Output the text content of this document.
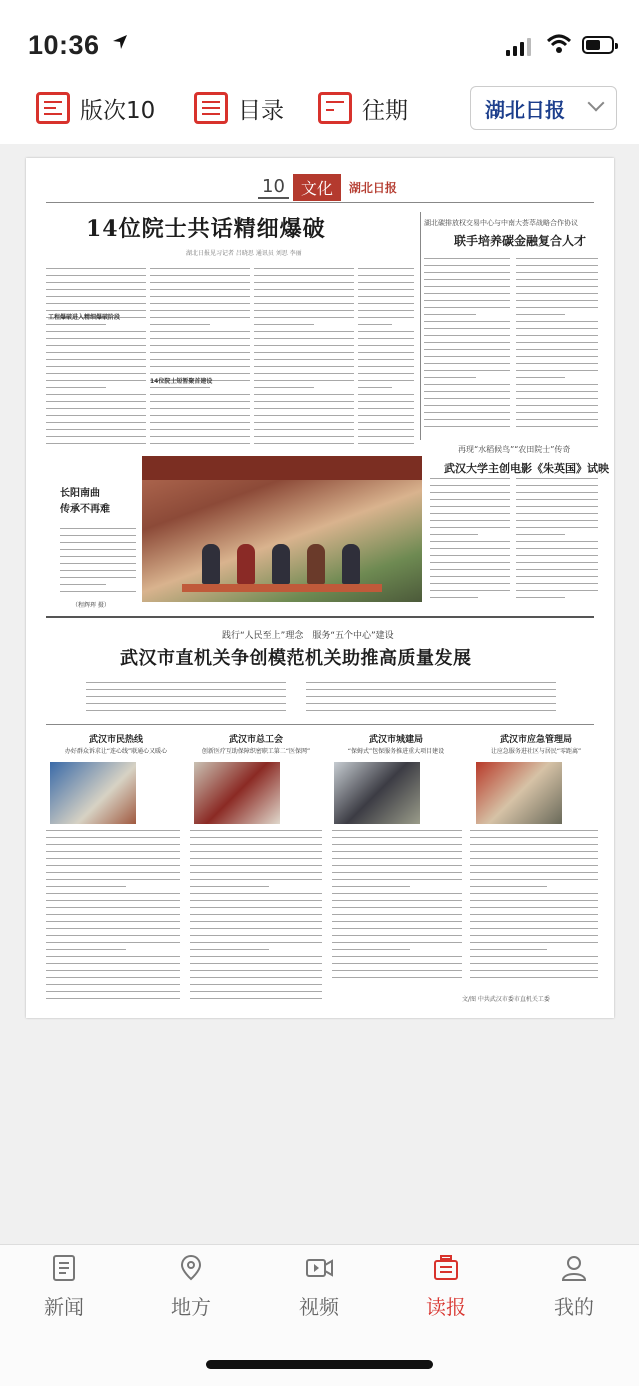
10:36
版次10	目录	往期	湖北日报
10	文化	湖北日报
14位院士共话精细爆破
湖北日报见习记者 吕晓思 通讯员 刘思 李丽
湖北碳排放权交易中心与中南大荟萃战略合作协议
联手培养碳金融复合人才
工程爆破进入精细爆破阶段
14位院士短暂聚首建设
长阳南曲
传承不再难
（程辉珲 摄）
再现“水稻候鸟”“农田院士”传奇
武汉大学主创电影《朱英国》试映
践行“人民至上”理念　服务“五个中心”建设
武汉市直机关争创模范机关助推高质量发展
武汉市民热线
办好群众诉求让“连心线”联通心又暖心
武汉市总工会
创新医疗互助保障织密职工第二“医保网”
武汉市城建局
“保姆式”包保服务推进重大项目建设
武汉市应急管理局
让应急服务进社区与居民“零距离”
文/图 中共武汉市委市直机关工委
新闻	地方	视频	读报	我的
